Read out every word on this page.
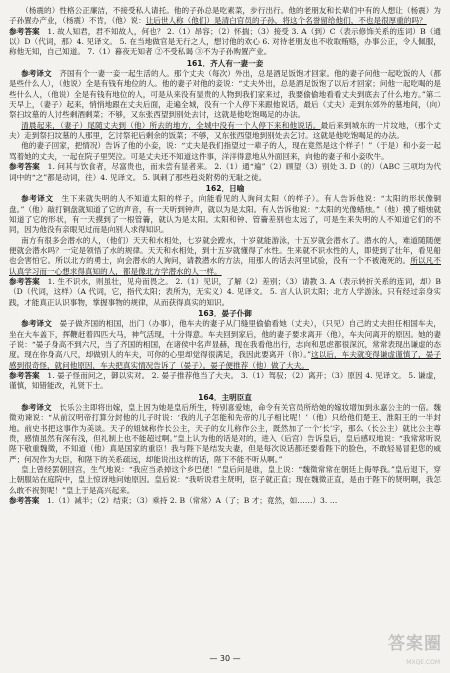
（杨震的）性格公正廉洁，不接受私人请托。他的子孙总是吃素菜，步行出行。他的老朋友和长辈们中有的人想让（杨震）为子孙置办产业，（杨震）不肯，（他）说：让后世人称（他们）是清白官员的子孙，将这个名誉留给他们，不也是很厚重的吗？

参考答案　1. 故人知君，君不知故人，何也？ 2.（1）昂容；（2）怀揣；（3）接受 3. A（到）C（表示修饰关系的连词）B（通 以）D（代词，那）4. 见译文。 5. 在当地做官是无行之人，想讨他的欢心 6. 对待老朋友也不收取贿赂，办事公正，令人佩服，称他无知，自己知道。 7.（1）暮夜无知者 ②不受私谒 ③不为子孙购置产业。

161．齐人有一妻一妾

参考译文　齐国有个一妻一妾一起生活的人。那个丈夫（每次）外出，总是酒足饭饱才回家。他的妻子问他一起吃饭的人（都是些什么人），（他说）全是有钱有地位的人。他的妻子对他的妾说：“丈夫外出，总是酒足饭饱了以后才回家；问他一起吃喝的是些什么人，（他说）全是有钱有地位的人，可是从来没有显贵的人物到我们家来过，我要偷偷地看看丈夫到底去了什么地方。”第二天早上，（妻子）起来，悄悄地跟在丈夫后面，走遍全城，没有一个人停下来跟他说话，最后（丈夫）走到东郊外的墓地间，（向）祭扫坟墓的人讨些剩酒剩菜；不够，又东张西望到别处去讨，这就是他吃饱喝足的办法。

清晨起来，（妻子）尾随丈夫到（他）所去的地方，全城中没有一个人停下来和他说话。最后来到城东的一片坟地，（那个丈夫）走到祭扫坟墓的人那里，乞讨祭祀后剩余的饭菜；不够，又东张西望地到别处去乞讨。这就是他吃饱喝足的办法。

他的妻子回家，把情况）告诉了他的小妾，说：“丈夫是我们指望过一辈子的人，现在竟然是这个样子！”（于是）和小妾一起骂着她的丈夫，一起在院子里哭泣。可是丈夫还不知道这件事，洋洋得意地从外面回来，向他的妻子和小妾吹牛。

参考答案　1. 问其与饮食者，尽富贵也，而未尝有显者来。 2.（1）通“遍”（2）顾望（3）别处 3. D（的）（ABC 三项均为代词中的“之”都是动词，往）4. 见译文。 5. 讽刺了那些趋炎附势的无耻之徒。

162．日喻

参考译文　生下来就失明的人不知道太阳的样子，向能看见的人询问太阳（的样子）。有人告诉他说：“太阳的形状像铜盘。”（他）敲打铜盘就知道了它的声音，有一天听到钟声，就以为是太阳。有人告诉他说：“太阳的光像蜡烛。”（他）摸了蜡烛就知道了它的形状，有一天摸到了一根管籥，就认为是太阳。太阳和钟、管籥差别也太远了，可是生来失明的人不知道它们的不同，因为他没有亲眼见过而是向别人求得知识。

南方有很多会潜水的人，（他们）天天和水相处，七岁就会蹚水，十岁就能游泳，十五岁就会潜水了。潜水的人，难道随随便便就会潜水吗？一定是领悟了水的规律。天天和水相处，到十五岁就懂得了水性。生来就不识水性的人，即使到了壮年，看见船也会害怕它。所以北方的勇士，向会潜水的人询问，请教潜水的方法，用那人的话去河里试验，没有一个不被淹死的。所以凡不认真学习而一心想求得真知的人，都是像北方学潜水的人一样。

参考答案　1. 生不识水，则虽壮，见舟而畏之。 2.（1）见识，了解（2）差别；（3）请教 3. A（表示转折关系的连词，却）B（D（代词，这样）（A 代词，它，指代太阳；表所为，无实义）4. 见译文。 5. 言人认识太阳；北方人学游泳。只有经过亲身实践，才能真正认识事物，掌握事物的规律，从而获得真实的知识。

163．晏子仆御

参考译文　晏子做齐国的相国，出门（办事），他车夫的妻子从门缝里偷偷看她（丈夫），（只见）自己的丈夫担任相国车夫，坐在大车盖下，挥鞭赶着四匹大马，神气活现，十分得意。车夫回到家后，他的妻子要求离开（他），车夫问离开的原因。她的妻子说：“晏子身高不到六尺，当了齐国的相国，在诸侯中名声显赫，现在我看他出行，志向和思虑都很深沉，常常表现出谦虚的态度。现在你身高八尺，却做别人的车夫，可你的心里却觉得很满足，我因此要离开（你）。”这以后，车夫就变得谦虚谨慎了，晏子感到很奇怪，就问他原因，车夫把真实情况告诉了（晏子）。晏子便推荐（他）做了大夫。

参考答案　1. 晏子怪而问之，御以实对。 2. 晏子推荐他当了大夫。 3.（1）驾驭；（2）离开；（3）原因 4. 见译文。 5. 谦虚，谨慎，知错能改，礼贤下士。

164．主明臣直

参考译文　长乐公主即将出嫁，皇上因为她是皇后所生，特别喜爱她，命令有关官员所给她的嫁妆增加到永嘉公主的一倍。魏徵劝谏说：“从前汉明帝打算分封他的儿子时说：‘我的儿子怎能和先帝的儿子相比呢！’（他）只给他们楚王、淮阳王的一半封地。前史书把这事作为美谈。天子的姐妹称作长公主，天子的女儿称作公主，既然加了一个‘长’字，那么（长公主）就比公主尊贵，感情虽然有深有浅，但礼制上也不能超过啊。”皇上认为他的话是对的，进入（后宫）告诉皇后，皇后感叹地说：“我常常听说陛下敬重魏徵，不知道（他）真是国家的重臣！我与陛下是结发夫妻，但是每次说话都还要看陛下的脸色，不敢轻易冒犯您的威严；何况作为大臣，和陛下的关系疏远，却能说出这样的话，陛下不能不听从啊。”

皇上曾经罢朝回宫，生气地说：“我应当杀掉这个乡巴佬！”皇后问是谁，皇上说：“魏徵常常在朝廷上侮辱我。”皇后退下，穿上朝服站在庭院中，皇上惊讶地问她原因。皇后说：“我听说君主贤明，臣子就正直；现在魏徵正直，是由于陛下的贤明啊，我怎么敢不祝贺呢！”皇上于是高兴起来。

参考答案　1.（1）减半；（2）结束；（3）乘持 2. B（常常）A（了；B 才；竟然，如……）3. …

— 30 —
答案圈
MXQE.COM
